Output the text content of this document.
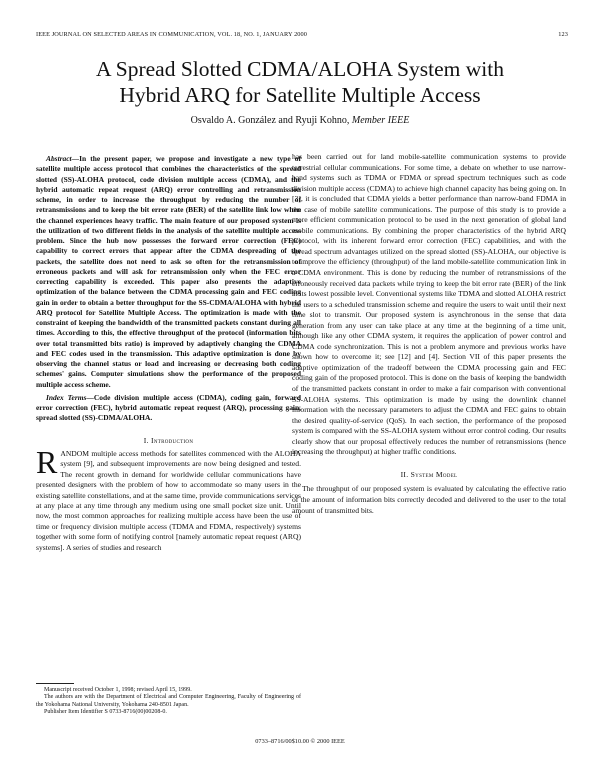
IEEE JOURNAL ON SELECTED AREAS IN COMMUNICATION, VOL. 18, NO. 1, JANUARY 2000	123
A Spread Slotted CDMA/ALOHA System with
Hybrid ARQ for Satellite Multiple Access
Osvaldo A. González and Ryuji Kohno, Member IEEE

Abstract—In the present paper, we propose and investigate a new type of satellite multiple access protocol that combines the characteristics of the spread slotted (SS)-ALOHA protocol, code division multiple access (CDMA), and the hybrid automatic repeat request (ARQ) error controlling and retransmission scheme, in order to increase the throughput by reducing the number of retransmissions and to keep the bit error rate (BER) of the satellite link low when the channel experiences heavy traffic. The main feature of our proposed system is the utilization of two different fields in the analysis of the satellite multiple access problem. Since the hub now possesses the forward error correction (FEC) capability to correct errors that appear after the CDMA despreading of the packets, the satellite does not need to ask so often for the retransmission of erroneous packets and will ask for retransmission only when the FEC error correcting capability is exceeded. This paper also presents the adaptive optimization of the balance between the CDMA processing gain and FEC coding gain in order to obtain a better throughput for the SS-CDMA/ALOHA with hybrid ARQ protocol for Satellite Multiple Access. The optimization is made with the constraint of keeping the bandwidth of the transmitted packets constant during all times. According to this, the effective throughput of the protocol (information bits over total transmitted bits ratio) is improved by adaptively changing the CDMA and FEC codes used in the transmission. This adaptive optimization is done by observing the channel status or load and increasing or decreasing both coding schemes' gains. Computer simulations show the performance of the proposed multiple access scheme.

Index Terms—Code division multiple access (CDMA), coding gain, forward error correction (FEC), hybrid automatic repeat request (ARQ), processing gain, spread slotted (SS)-CDMA/ALOHA.

I. Introduction

RANDOM multiple access methods for satellites commenced with the ALOHA system [9], and subsequent improvements are now being designed and tested. The recent growth in demand for worldwide cellular communications have presented designers with the problem of how to accommodate so many users in the existing satellite constellations, and at the same time, provide communications services at any place at any time through any medium using one small pocket size unit. Until now, the most common approaches for realizing multiple access have been the use of time or frequency division multiple access (TDMA and FDMA, respectively) systems together with some form of notifying control [namely automatic repeat request (ARQ) systems]. A series of studies and research

has been carried out for land mobile-satellite communication systems to provide terrestrial cellular communications. For some time, a debate on whether to use narrow-band systems such as TDMA or FDMA or spread spectrum techniques such as code division multiple access (CDMA) to achieve high channel capacity has being going on. In [3], it is concluded that CDMA yields a better performance than narrow-band FDMA in the case of mobile satellite communications. The purpose of this study is to provide a more efficient communication protocol to be used in the next generation of global land mobile communications. By combining the proper characteristics of the hybrid ARQ protocol, with its inherent forward error correction (FEC) capabilities, and with the spread spectrum advantages utilized on the spread slotted (SS)-ALOHA, our objective is to improve the efficiency (throughput) of the land mobile-satellite communication link in a CDMA environment. This is done by reducing the number of retransmissions of the erroneously received data packets while trying to keep the bit error rate (BER) of the link at its lowest possible level. Conventional systems like TDMA and slotted ALOHA restrict the users to a scheduled transmission scheme and require the users to wait until their next time slot to transmit. Our proposed system is asynchronous in the sense that data generation from any user can take place at any time at the beginning of a time unit, although like any other CDMA system, it requires the application of power control and CDMA code synchronization. This is not a problem anymore and previous works have shown how to overcome it; see [12] and [4]. Section VII of this paper presents the adaptive optimization of the tradeoff between the CDMA processing gain and FEC coding gain of the proposed protocol. This is done on the basis of keeping the bandwidth of the transmitted packets constant in order to make a fair comparison with conventional SS-ALOHA systems. This optimization is made by using the downlink channel information with the necessary parameters to adjust the CDMA and FEC gains to obtain the desired quality-of-service (QoS). In each section, the performance of the proposed system is compared with the SS-ALOHA system without error control coding. Our results clearly show that our proposal effectively reduces the number of retransmissions (hence increasing the throughput) at higher traffic conditions.

II. System Model

The throughput of our proposed system is evaluated by calculating the effective ratio of the amount of information bits correctly decoded and delivered to the user to the total amount of transmitted bits.

Manuscript received October 1, 1998; revised April 15, 1999.

The authors are with the Department of Electrical and Computer Engineering, Faculty of Engineering of the Yokohama National University, Yokohama 240-8501 Japan.

Publisher Item Identifier S 0733-8716(00)00208-0.

0733–8716/00$10.00 © 2000 IEEE
